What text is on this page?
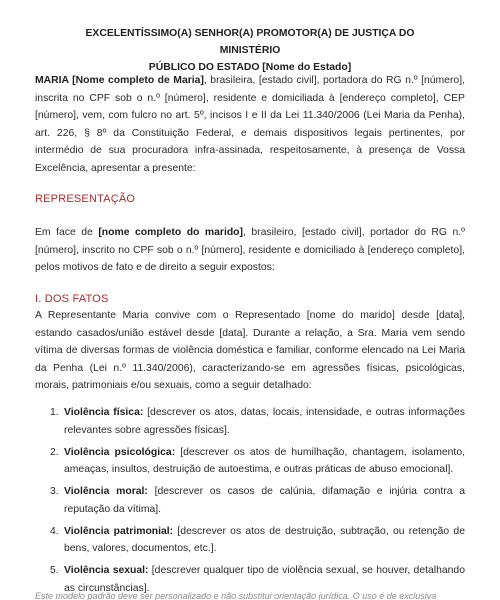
EXCELENTÍSSIMO(A) SENHOR(A) PROMOTOR(A) DE JUSTIÇA DO MINISTÉRIO
PÚBLICO DO ESTADO [Nome do Estado]
MARIA [Nome completo de Maria], brasileira, [estado civil], portadora do RG n.º [número], inscrita no CPF sob o n.º [número], residente e domiciliada à [endereço completo], CEP [número], vem, com fulcro no art. 5º, incisos I e II da Lei 11.340/2006 (Lei Maria da Penha), art. 226, § 8º da Constituição Federal, e demais dispositivos legais pertinentes, por intermédio de sua procuradora infra-assinada, respeitosamente, à presença de Vossa Excelência, apresentar a presente:
REPRESENTAÇÃO
Em face de [nome completo do marido], brasileiro, [estado civil], portador do RG n.º [número], inscrito no CPF sob o n.º [número], residente e domiciliado à [endereço completo], pelos motivos de fato e de direito a seguir expostos:
I. DOS FATOS
A Representante Maria convive com o Representado [nome do marido] desde [data], estando casados/união estável desde [data]. Durante a relação, a Sra. Maria vem sendo vítima de diversas formas de violência doméstica e familiar, conforme elencado na Lei Maria da Penha (Lei n.º 11.340/2006), caracterizando-se em agressões físicas, psicológicas, morais, patrimoniais e/ou sexuais, como a seguir detalhado:
1. Violência física: [descrever os atos, datas, locais, intensidade, e outras informações relevantes sobre agressões físicas].
2. Violência psicológica: [descrever os atos de humilhação, chantagem, isolamento, ameaças, insultos, destruição de autoestima, e outras práticas de abuso emocional].
3. Violência moral: [descrever os casos de calúnia, difamação e injúria contra a reputação da vítima].
4. Violência patrimonial: [descrever os atos de destruição, subtração, ou retenção de bens, valores, documentos, etc.].
5. Violência sexual: [descrever qualquer tipo de violência sexual, se houver, detalhando as circunstâncias].
Este modelo padrão deve ser personalizado e não substitui orientação jurídica. O uso é de exclusiva
